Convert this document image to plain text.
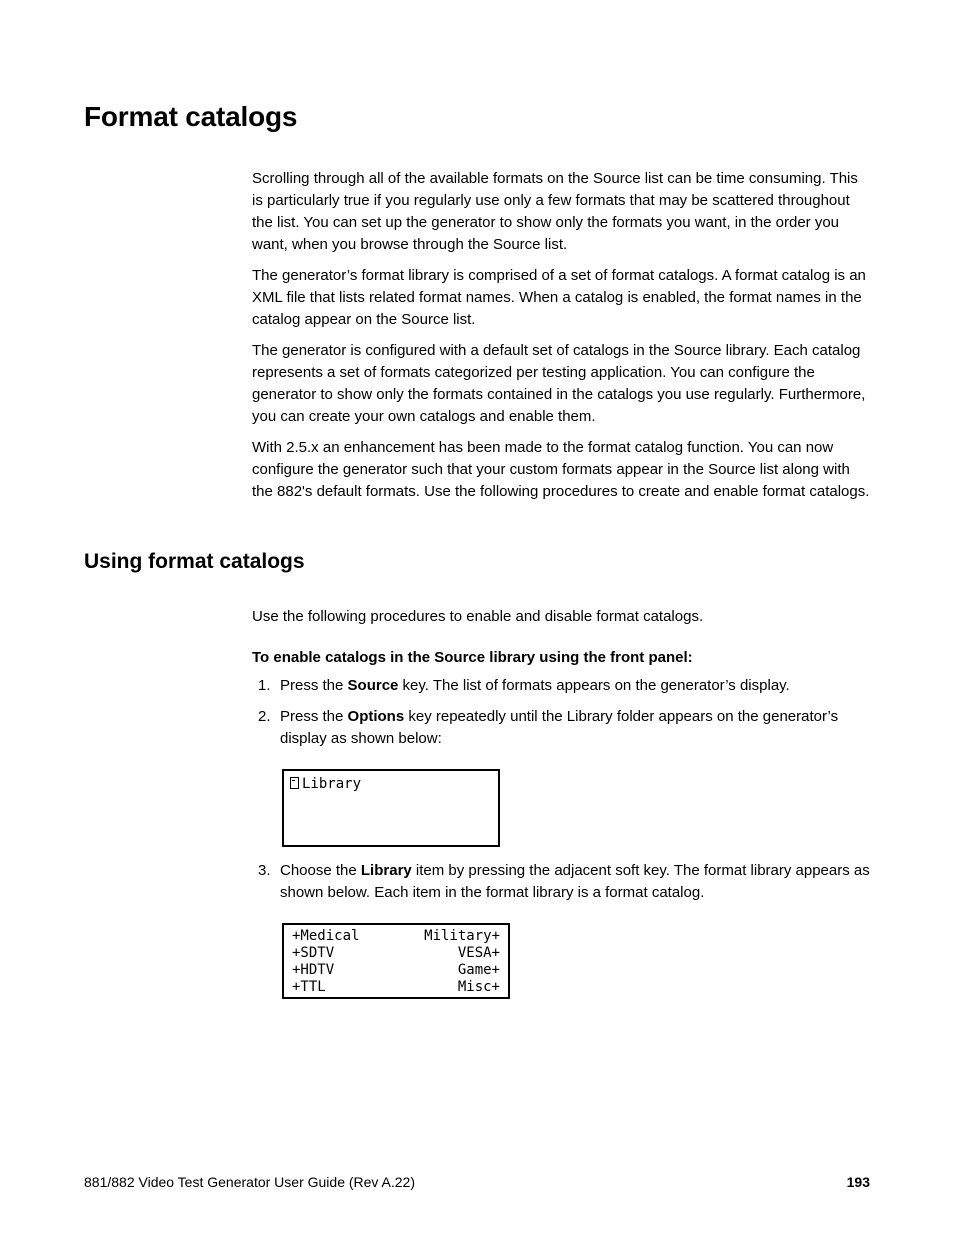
Format catalogs

Scrolling through all of the available formats on the Source list can be time consuming. This is particularly true if you regularly use only a few formats that may be scattered throughout the list. You can set up the generator to show only the formats you want, in the order you want, when you browse through the Source list.

The generator’s format library is comprised of a set of format catalogs. A format catalog is an XML file that lists related format names. When a catalog is enabled, the format names in the catalog appear on the Source list.

The generator is configured with a default set of catalogs in the Source library. Each catalog represents a set of formats categorized per testing application. You can configure the generator to show only the formats contained in the catalogs you use regularly. Furthermore, you can create your own catalogs and enable them.

With 2.5.x an enhancement has been made to the format catalog function. You can now configure the generator such that your custom formats appear in the Source list along with the 882's default formats. Use the following procedures to create and enable format catalogs.

Using format catalogs

Use the following procedures to enable and disable format catalogs.

To enable catalogs in the Source library using the front panel:

1. Press the Source key. The list of formats appears on the generator’s display.
2. Press the Options key repeatedly until the Library folder appears on the generator’s display as shown below:
Library
3. Choose the Library item by pressing the adjacent soft key. The format library appears as shown below. Each item in the format library is a format catalog.
+Medical	Military+
+SDTV	VESA+
+HDTV	Game+
+TTL	Misc+
881/882 Video Test Generator User Guide (Rev A.22)	193
